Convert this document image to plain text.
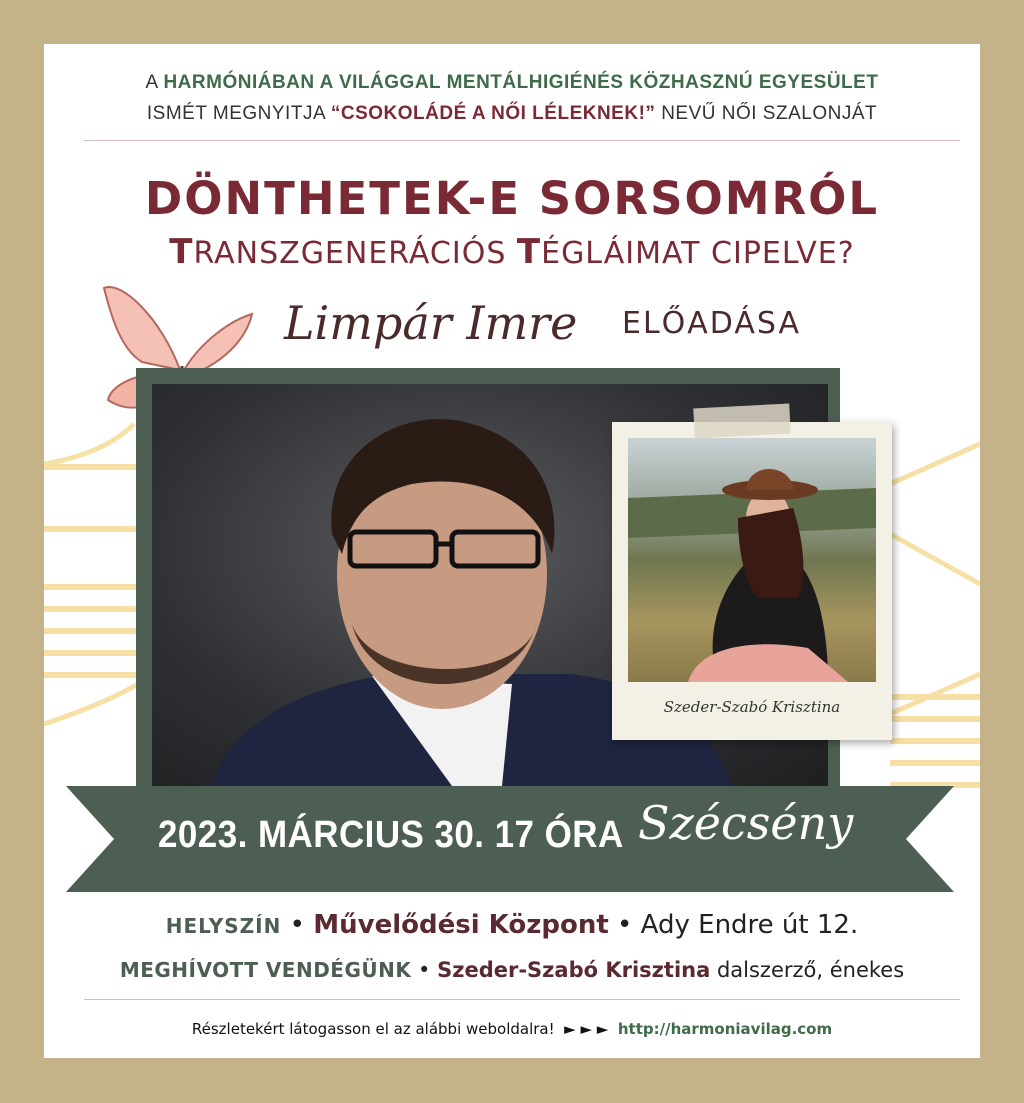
A HARMÓNIÁBAN A VILÁGGAL MENTÁLHIGIÉNÉS KÖZHASZNÚ EGYESÜLET
ISMÉT MEGNYITJA “CSOKOLÁDÉ A NŐI LÉLEKNEK!” NEVŰ NŐI SZALONJÁT
DÖNTHETEK-E SORSOMRÓL
TRANSZGENERÁCIÓS TÉGLÁIMAT CIPELVE?
Limpár Imre ELŐADÁSA
Szeder-Szabó Krisztina
2023. MÁRCIUS 30. 17 ÓRA Szécsény
HELYSZÍN • Művelődési Központ • Ady Endre út 12.
MEGHÍVOTT VENDÉGÜNK • Szeder-Szabó Krisztina dalszerző, énekes
Részletekért látogasson el az alábbi weboldalra! ► ► ► http://harmoniavilag.com
